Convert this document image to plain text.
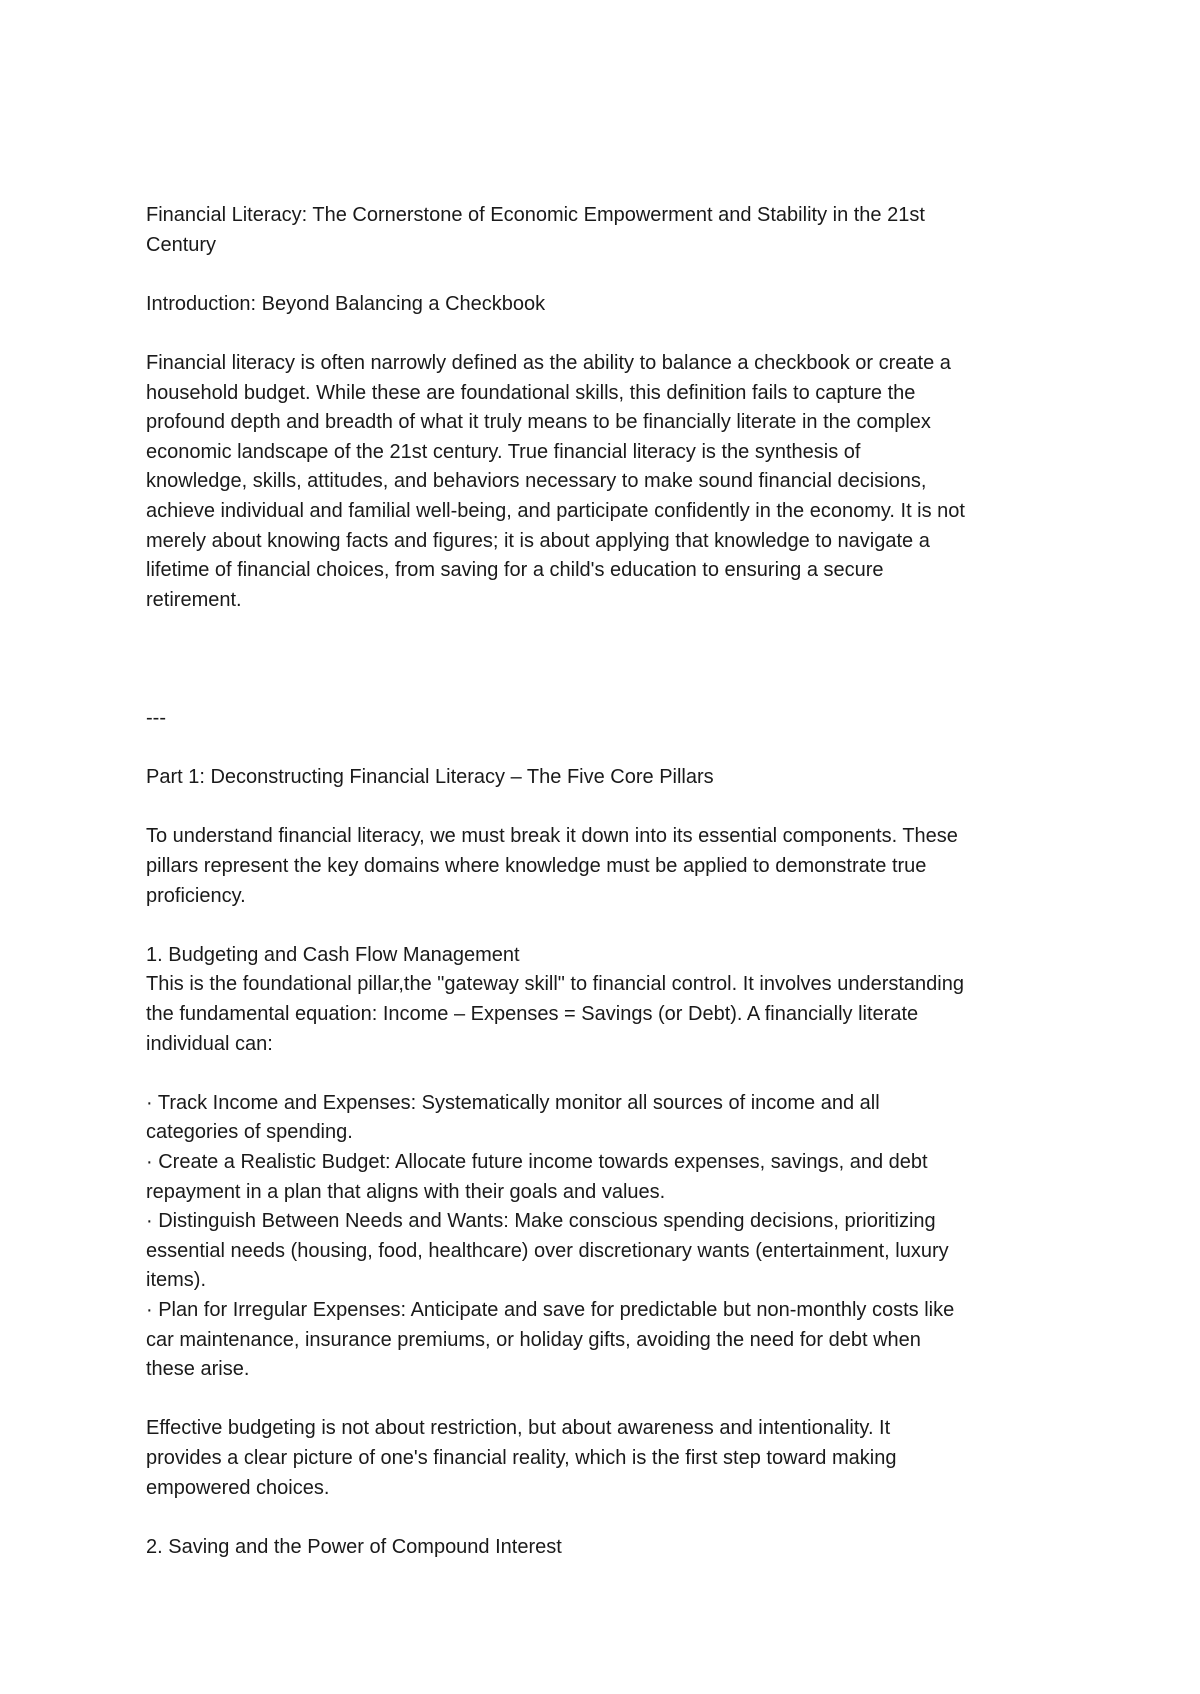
Financial Literacy: The Cornerstone of Economic Empowerment and Stability in the 21st
Century
Introduction: Beyond Balancing a Checkbook
Financial literacy is often narrowly defined as the ability to balance a checkbook or create a
household budget. While these are foundational skills, this definition fails to capture the
profound depth and breadth of what it truly means to be financially literate in the complex
economic landscape of the 21st century. True financial literacy is the synthesis of
knowledge, skills, attitudes, and behaviors necessary to make sound financial decisions,
achieve individual and familial well-being, and participate confidently in the economy. It is not
merely about knowing facts and figures; it is about applying that knowledge to navigate a
lifetime of financial choices, from saving for a child's education to ensuring a secure
retirement.
---
Part 1: Deconstructing Financial Literacy – The Five Core Pillars
To understand financial literacy, we must break it down into its essential components. These
pillars represent the key domains where knowledge must be applied to demonstrate true
proficiency.
1. Budgeting and Cash Flow Management
This is the foundational pillar,the "gateway skill" to financial control. It involves understanding
the fundamental equation: Income – Expenses = Savings (or Debt). A financially literate
individual can:
· Track Income and Expenses: Systematically monitor all sources of income and all
categories of spending.
· Create a Realistic Budget: Allocate future income towards expenses, savings, and debt
repayment in a plan that aligns with their goals and values.
· Distinguish Between Needs and Wants: Make conscious spending decisions, prioritizing
essential needs (housing, food, healthcare) over discretionary wants (entertainment, luxury
items).
· Plan for Irregular Expenses: Anticipate and save for predictable but non-monthly costs like
car maintenance, insurance premiums, or holiday gifts, avoiding the need for debt when
these arise.
Effective budgeting is not about restriction, but about awareness and intentionality. It
provides a clear picture of one's financial reality, which is the first step toward making
empowered choices.
2. Saving and the Power of Compound Interest
